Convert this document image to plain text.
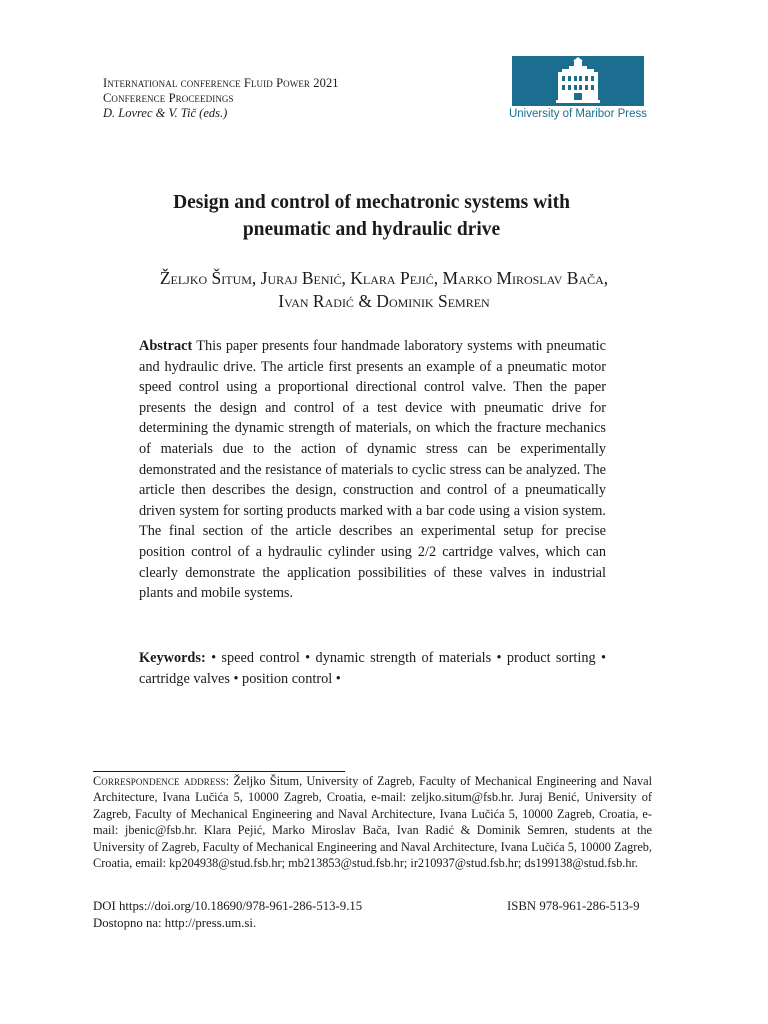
International conference Fluid Power 2021
Conference Proceedings
D. Lovrec & V. Tič (eds.)	University of Maribor Press
Design and control of mechatronic systems with
pneumatic and hydraulic drive
Željko Šitum, Juraj Benić, Klara Pejić, Marko Miroslav Bača,
Ivan Radić & Dominik Semren
Abstract This paper presents four handmade laboratory systems with pneumatic and hydraulic drive. The article first presents an example of a pneumatic motor speed control using a proportional directional control valve. Then the paper presents the design and control of a test device with pneumatic drive for determining the dynamic strength of materials, on which the fracture mechanics of materials due to the action of dynamic stress can be experimentally demonstrated and the resistance of materials to cyclic stress can be analyzed. The article then describes the design, construction and control of a pneumatically driven system for sorting products marked with a bar code using a vision system. The final section of the article describes an experimental setup for precise position control of a hydraulic cylinder using 2/2 cartridge valves, which can clearly demonstrate the application possibilities of these valves in industrial plants and mobile systems.
Keywords: • speed control • dynamic strength of materials • product sorting • cartridge valves • position control •
Correspondence address: Željko Šitum, University of Zagreb, Faculty of Mechanical Engineering and Naval Architecture, Ivana Lučića 5, 10000 Zagreb, Croatia, e-mail: zeljko.situm@fsb.hr. Juraj Benić, University of Zagreb, Faculty of Mechanical Engineering and Naval Architecture, Ivana Lučića 5, 10000 Zagreb, Croatia, e-mail: jbenic@fsb.hr. Klara Pejić, Marko Miroslav Bača, Ivan Radić & Dominik Semren, students at the University of Zagreb, Faculty of Mechanical Engineering and Naval Architecture, Ivana Lučića 5, 10000 Zagreb, Croatia, email: kp204938@stud.fsb.hr; mb213853@stud.fsb.hr; ir210937@stud.fsb.hr; ds199138@stud.fsb.hr.
DOI https://doi.org/10.18690/978-961-286-513-9.15	ISBN 978-961-286-513-9
Dostopno na: http://press.um.si.
